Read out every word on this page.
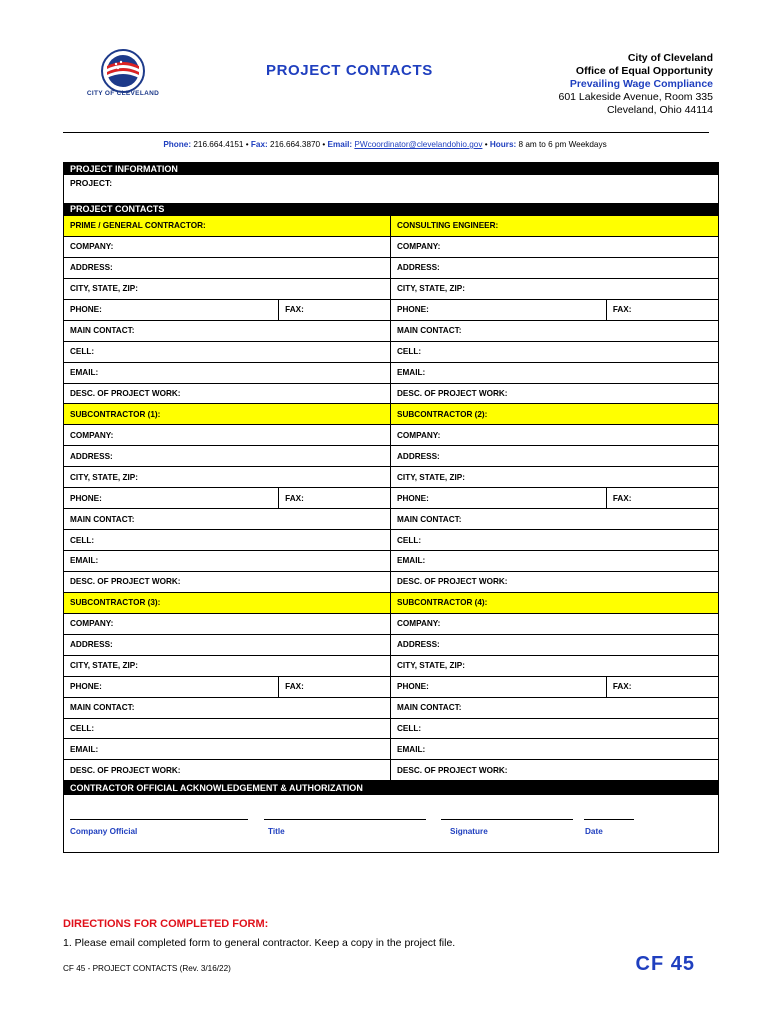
CITY OF CLEVELAND
PROJECT CONTACTS
City of Cleveland
Office of Equal Opportunity
Prevailing Wage Compliance
601 Lakeside Avenue, Room 335
Cleveland, Ohio 44114
Phone: 216.664.4151 • Fax: 216.664.3870 • Email: PWcoordinator@clevelandohio.gov • Hours: 8 am to 6 pm Weekdays
PROJECT INFORMATION
PROJECT:
PROJECT CONTACTS
PRIME / GENERAL CONTRACTOR:
COMPANY:
ADDRESS:
CITY, STATE, ZIP:
PHONE:	FAX:
MAIN CONTACT:
CELL:
EMAIL:
DESC. OF PROJECT WORK:
SUBCONTRACTOR (1):
COMPANY:
ADDRESS:
CITY, STATE, ZIP:
PHONE:	FAX:
MAIN CONTACT:
CELL:
EMAIL:
DESC. OF PROJECT WORK:
SUBCONTRACTOR (3):
COMPANY:
ADDRESS:
CITY, STATE, ZIP:
PHONE:	FAX:
MAIN CONTACT:
CELL:
EMAIL:
DESC. OF PROJECT WORK:
CONSULTING ENGINEER:
COMPANY:
ADDRESS:
CITY, STATE, ZIP:
PHONE:	FAX:
MAIN CONTACT:
CELL:
EMAIL:
DESC. OF PROJECT WORK:
SUBCONTRACTOR (2):
COMPANY:
ADDRESS:
CITY, STATE, ZIP:
PHONE:	FAX:
MAIN CONTACT:
CELL:
EMAIL:
DESC. OF PROJECT WORK:
SUBCONTRACTOR (4):
COMPANY:
ADDRESS:
CITY, STATE, ZIP:
PHONE:	FAX:
MAIN CONTACT:
CELL:
EMAIL:
DESC. OF PROJECT WORK:
CONTRACTOR OFFICIAL ACKNOWLEDGEMENT & AUTHORIZATION
Company Official	Title	Signature	Date
DIRECTIONS FOR COMPLETED FORM:
1. Please email completed form to general contractor. Keep a copy in the project file.
CF 45 - PROJECT CONTACTS (Rev. 3/16/22)	CF 45
